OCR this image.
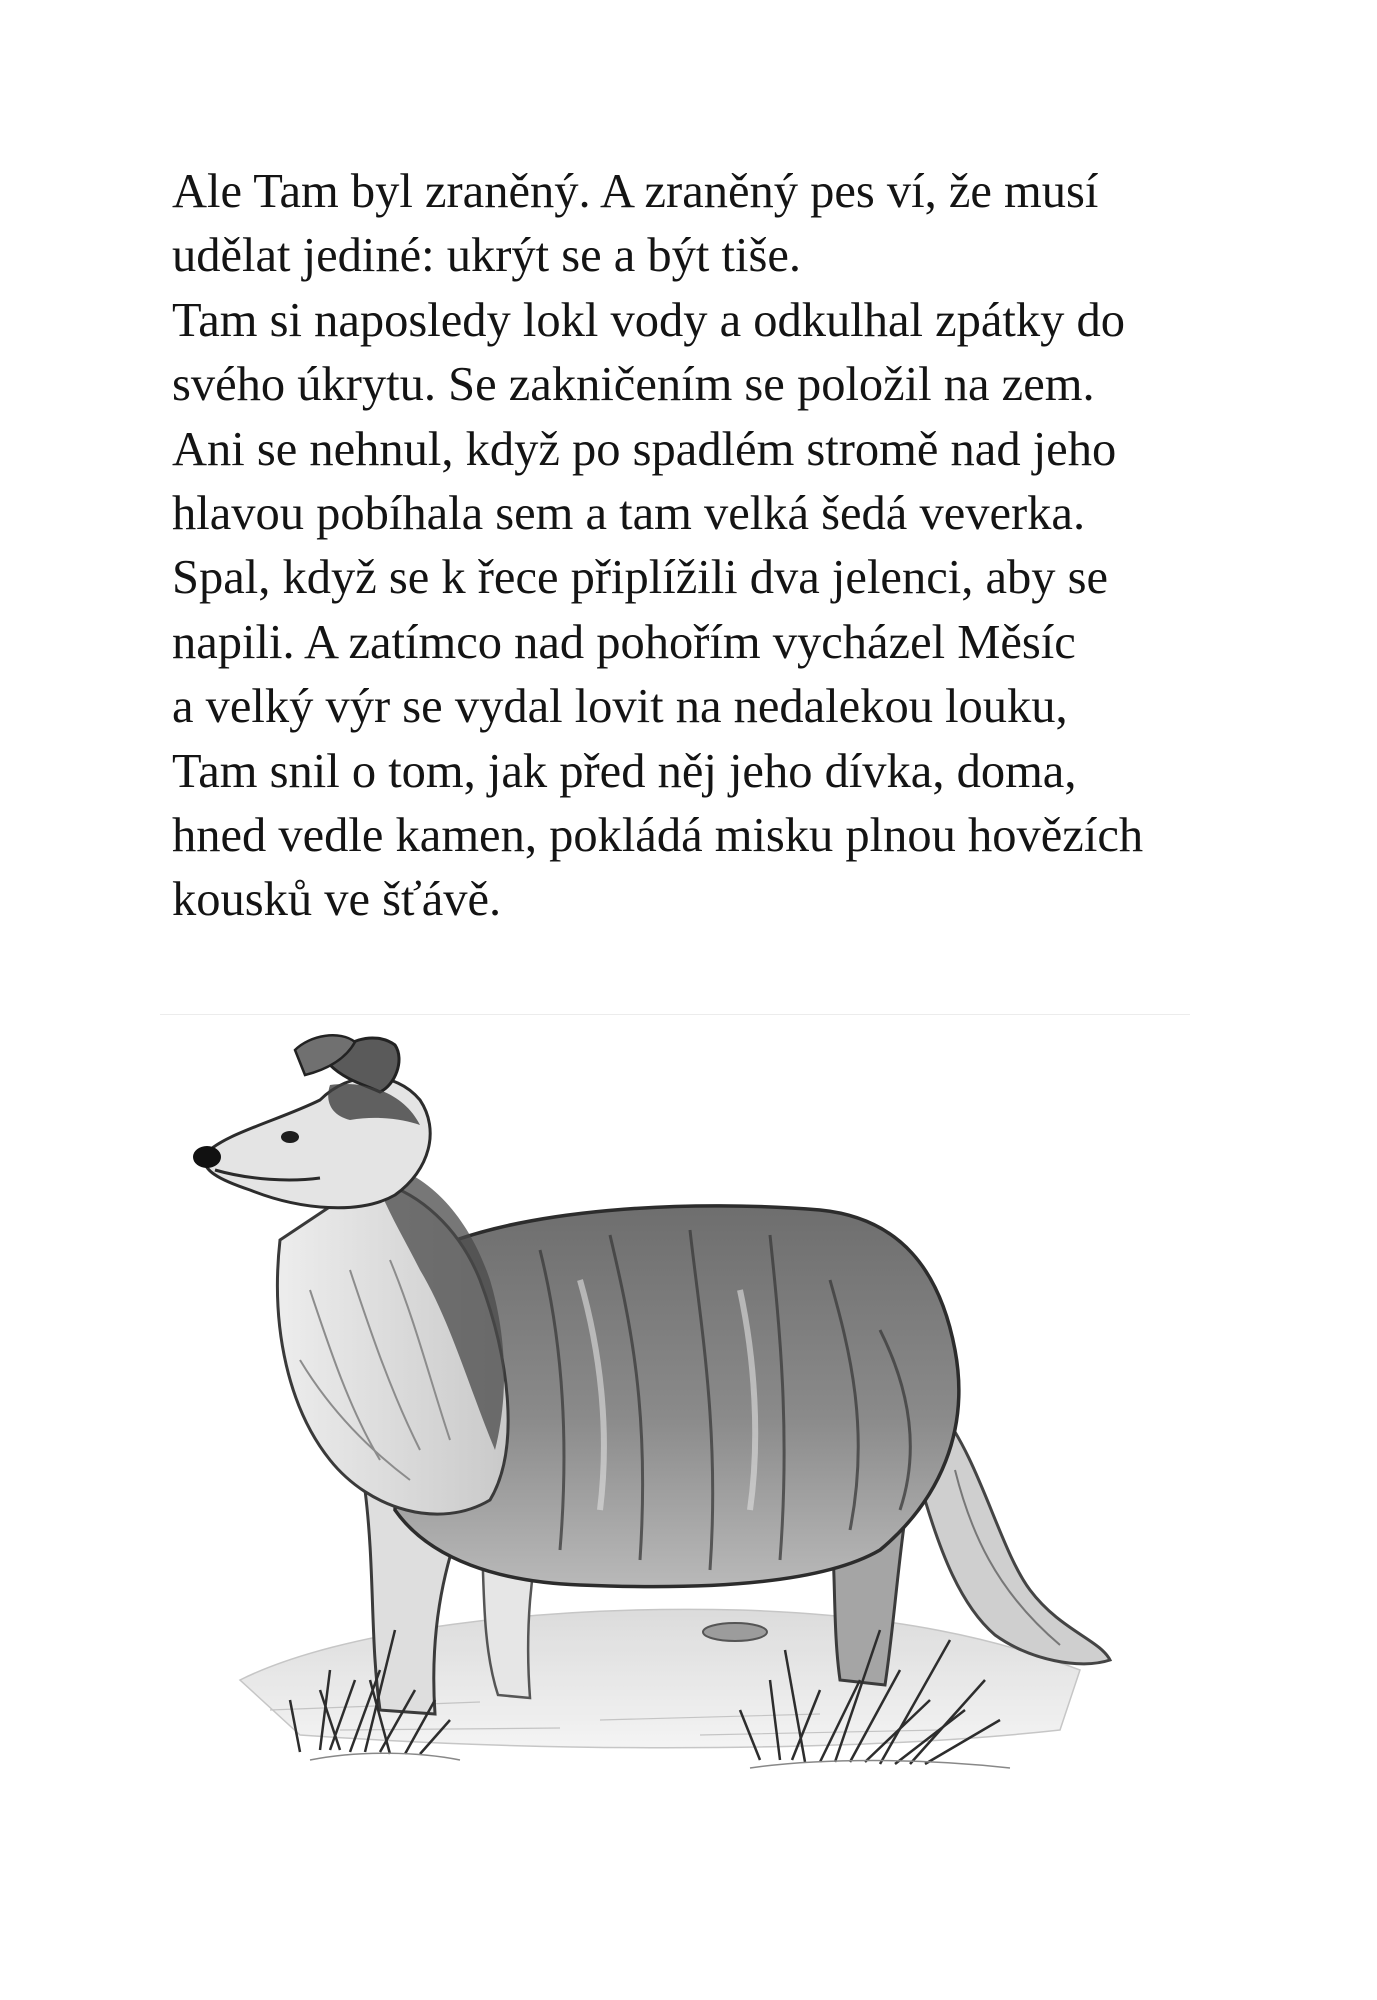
Ale Tam byl zraněný. A zraněný pes ví, že musí
udělat jediné: ukrýt se a být tiše.
Tam si naposledy lokl vody a odkulhal zpátky do
svého úkrytu. Se zakničením se položil na zem.
Ani se nehnul, když po spadlém stromě nad jeho
hlavou pobíhala sem a tam velká šedá veverka.
Spal, když se k řece připlížili dva jelenci, aby se
napili. A zatímco nad pohořím vycházel Měsíc
a velký výr se vydal lovit na nedalekou louku,
Tam snil o tom, jak před něj jeho dívka, doma,
hned vedle kamen, pokládá misku plnou hovězích
kousků ve šťávě.
